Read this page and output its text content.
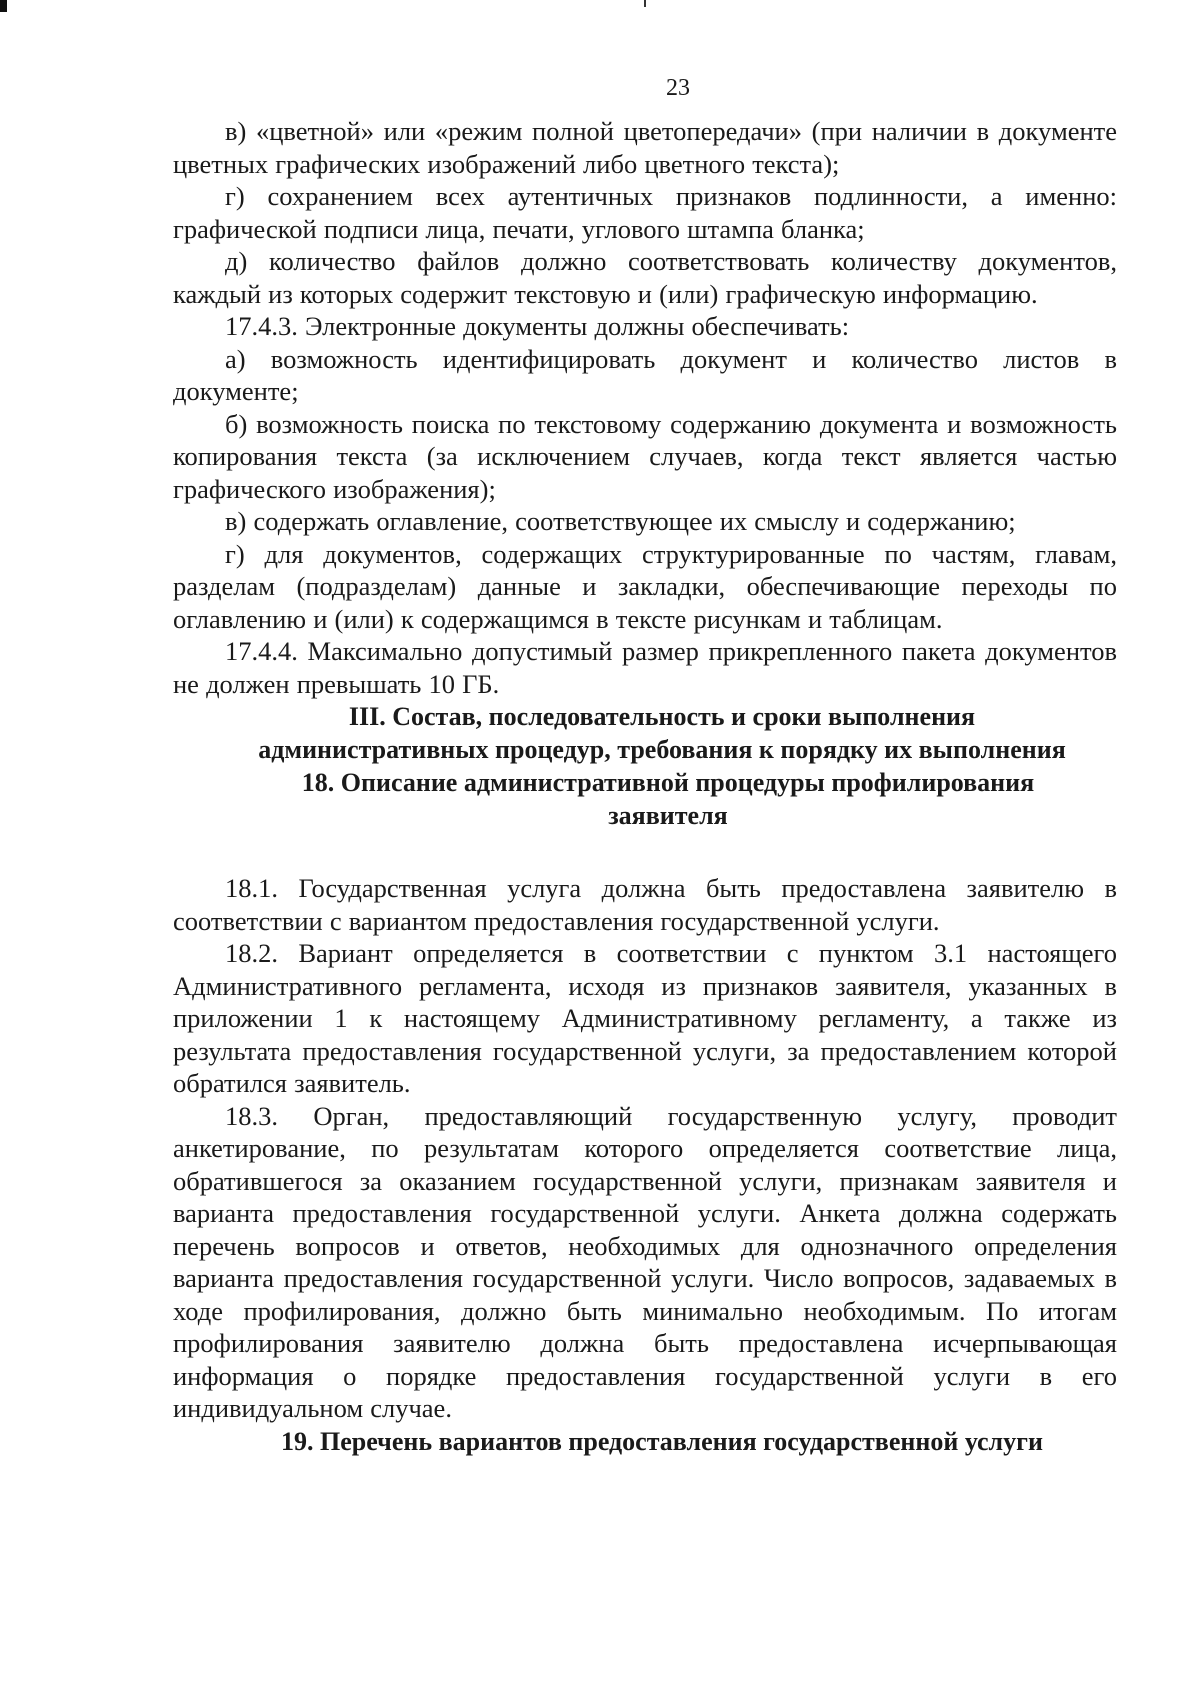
23

в) «цветной» или «режим полной цветопередачи» (при наличии в документе цветных графических изображений либо цветного текста);

г) сохранением всех аутентичных признаков подлинности, а именно: графической подписи лица, печати, углового штампа бланка;

д) количество файлов должно соответствовать количеству документов, каждый из которых содержит текстовую и (или) графическую информацию.

17.4.3. Электронные документы должны обеспечивать:

а) возможность идентифицировать документ и количество листов в документе;

б) возможность поиска по текстовому содержанию документа и возможность копирования текста (за исключением случаев, когда текст является частью графического изображения);

в) содержать оглавление, соответствующее их смыслу и содержанию;

г) для документов, содержащих структурированные по частям, главам, разделам (подразделам) данные и закладки, обеспечивающие переходы по оглавлению и (или) к содержащимся в тексте рисункам и таблицам.

17.4.4. Максимально допустимый размер прикрепленного пакета документов не должен превышать 10 ГБ.

III. Состав, последовательность и сроки выполнения
административных процедур, требования к порядку их выполнения
18. Описание административной процедуры профилирования
заявителя

18.1. Государственная услуга должна быть предоставлена заявителю в соответствии с вариантом предоставления государственной услуги.

18.2. Вариант определяется в соответствии с пунктом 3.1 настоящего Административного регламента, исходя из признаков заявителя, указанных в приложении 1 к настоящему Административному регламенту, а также из результата предоставления государственной услуги, за предоставлением которой обратился заявитель.

18.3. Орган, предоставляющий государственную услугу, проводит анкетирование, по результатам которого определяется соответствие лица, обратившегося за оказанием государственной услуги, признакам заявителя и варианта предоставления государственной услуги. Анкета должна содержать перечень вопросов и ответов, необходимых для однозначного определения варианта предоставления государственной услуги. Число вопросов, задаваемых в ходе профилирования, должно быть минимально необходимым. По итогам профилирования заявителю должна быть предоставлена исчерпывающая информация о порядке предоставления государственной услуги в его индивидуальном случае.

19. Перечень вариантов предоставления государственной услуги
